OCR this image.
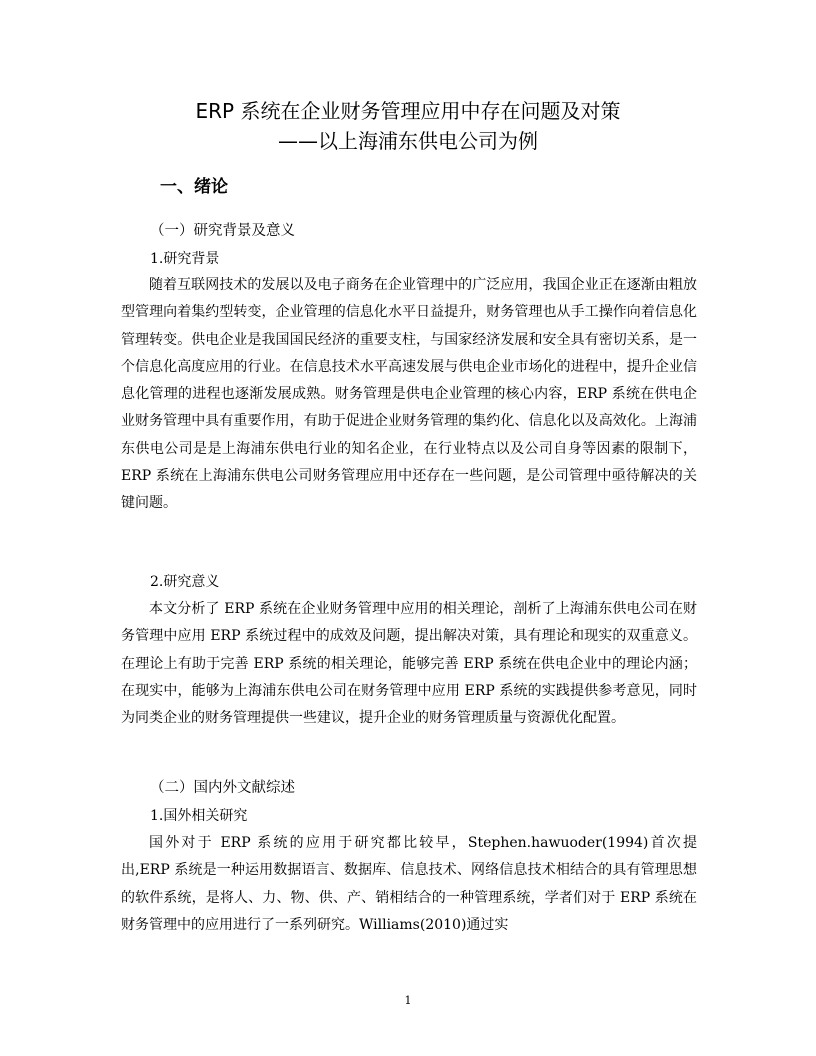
ERP 系统在企业财务管理应用中存在问题及对策
——以上海浦东供电公司为例
一、绪论
（一）研究背景及意义
1.研究背景

随着互联网技术的发展以及电子商务在企业管理中的广泛应用，我国企业正在逐渐由粗放型管理向着集约型转变，企业管理的信息化水平日益提升，财务管理也从手工操作向着信息化管理转变。供电企业是我国国民经济的重要支柱，与国家经济发展和安全具有密切关系，是一个信息化高度应用的行业。在信息技术水平高速发展与供电企业市场化的进程中，提升企业信息化管理的进程也逐渐发展成熟。财务管理是供电企业管理的核心内容，ERP 系统在供电企业财务管理中具有重要作用，有助于促进企业财务管理的集约化、信息化以及高效化。上海浦东供电公司是是上海浦东供电行业的知名企业，在行业特点以及公司自身等因素的限制下，ERP 系统在上海浦东供电公司财务管理应用中还存在一些问题，是公司管理中亟待解决的关键问题。

2.研究意义

本文分析了 ERP 系统在企业财务管理中应用的相关理论，剖析了上海浦东供电公司在财务管理中应用 ERP 系统过程中的成效及问题，提出解决对策，具有理论和现实的双重意义。在理论上有助于完善 ERP 系统的相关理论，能够完善 ERP 系统在供电企业中的理论内涵；在现实中，能够为上海浦东供电公司在财务管理中应用 ERP 系统的实践提供参考意见，同时为同类企业的财务管理提供一些建议，提升企业的财务管理质量与资源优化配置。

（二）国内外文献综述
1.国外相关研究

国外对于 ERP 系统的应用于研究都比较早，Stephen.hawuoder(1994)首次提出,ERP 系统是一种运用数据语言、数据库、信息技术、网络信息技术相结合的具有管理思想的软件系统，是将人、力、物、供、产、销相结合的一种管理系统，学者们对于 ERP 系统在财务管理中的应用进行了一系列研究。Williams(2010)通过实

1
